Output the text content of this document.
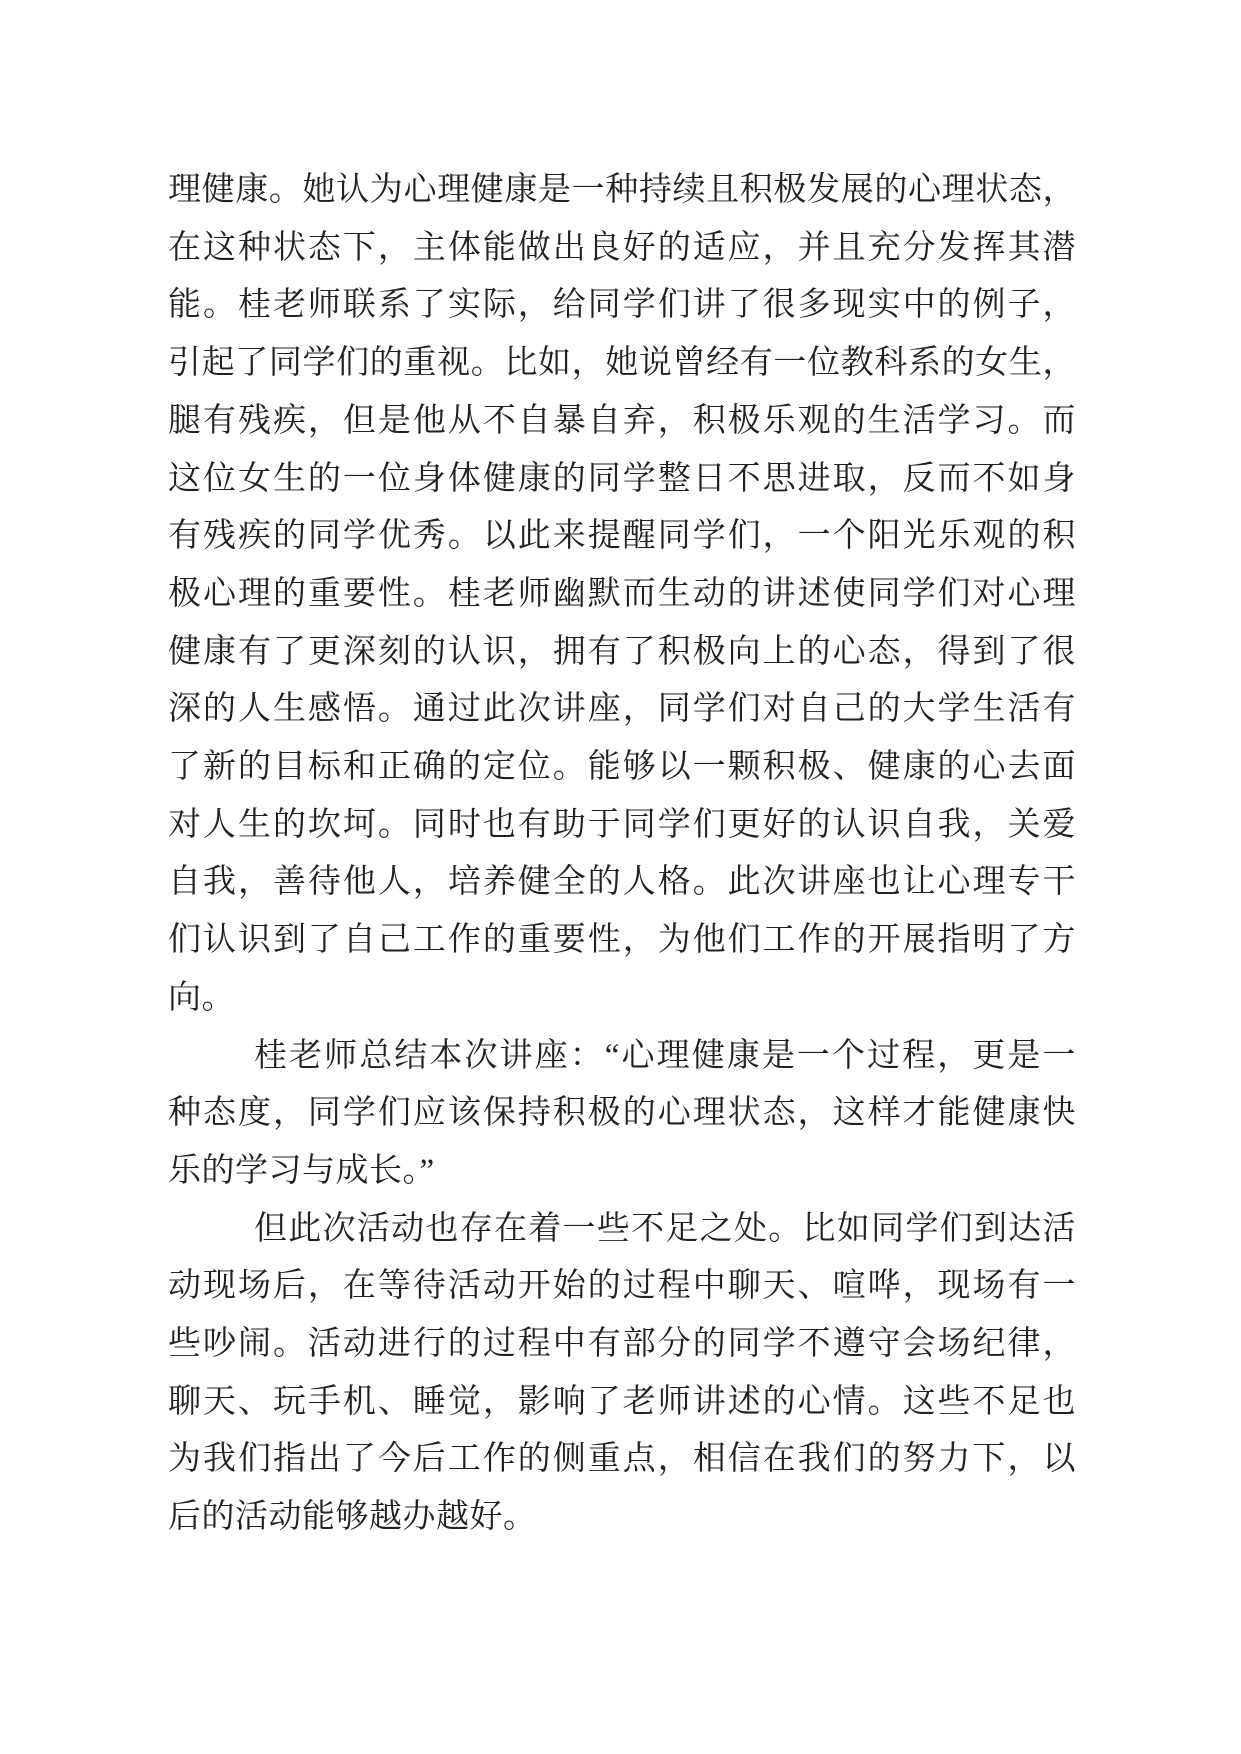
理健康。她认为心理健康是一种持续且积极发展的心理状态，
在这种状态下，主体能做出良好的适应，并且充分发挥其潜
能。桂老师联系了实际，给同学们讲了很多现实中的例子，
引起了同学们的重视。比如，她说曾经有一位教科系的女生，
腿有残疾，但是他从不自暴自弃，积极乐观的生活学习。而
这位女生的一位身体健康的同学整日不思进取，反而不如身
有残疾的同学优秀。以此来提醒同学们，一个阳光乐观的积
极心理的重要性。桂老师幽默而生动的讲述使同学们对心理
健康有了更深刻的认识，拥有了积极向上的心态，得到了很
深的人生感悟。通过此次讲座，同学们对自己的大学生活有
了新的目标和正确的定位。能够以一颗积极、健康的心去面
对人生的坎坷。同时也有助于同学们更好的认识自我，关爱
自我，善待他人，培养健全的人格。此次讲座也让心理专干
们认识到了自己工作的重要性，为他们工作的开展指明了方
向。
桂老师总结本次讲座：“心理健康是一个过程，更是一
种态度，同学们应该保持积极的心理状态，这样才能健康快
乐的学习与成长。”
但此次活动也存在着一些不足之处。比如同学们到达活
动现场后，在等待活动开始的过程中聊天、喧哗，现场有一
些吵闹。活动进行的过程中有部分的同学不遵守会场纪律，
聊天、玩手机、睡觉，影响了老师讲述的心情。这些不足也
为我们指出了今后工作的侧重点，相信在我们的努力下，以
后的活动能够越办越好。
